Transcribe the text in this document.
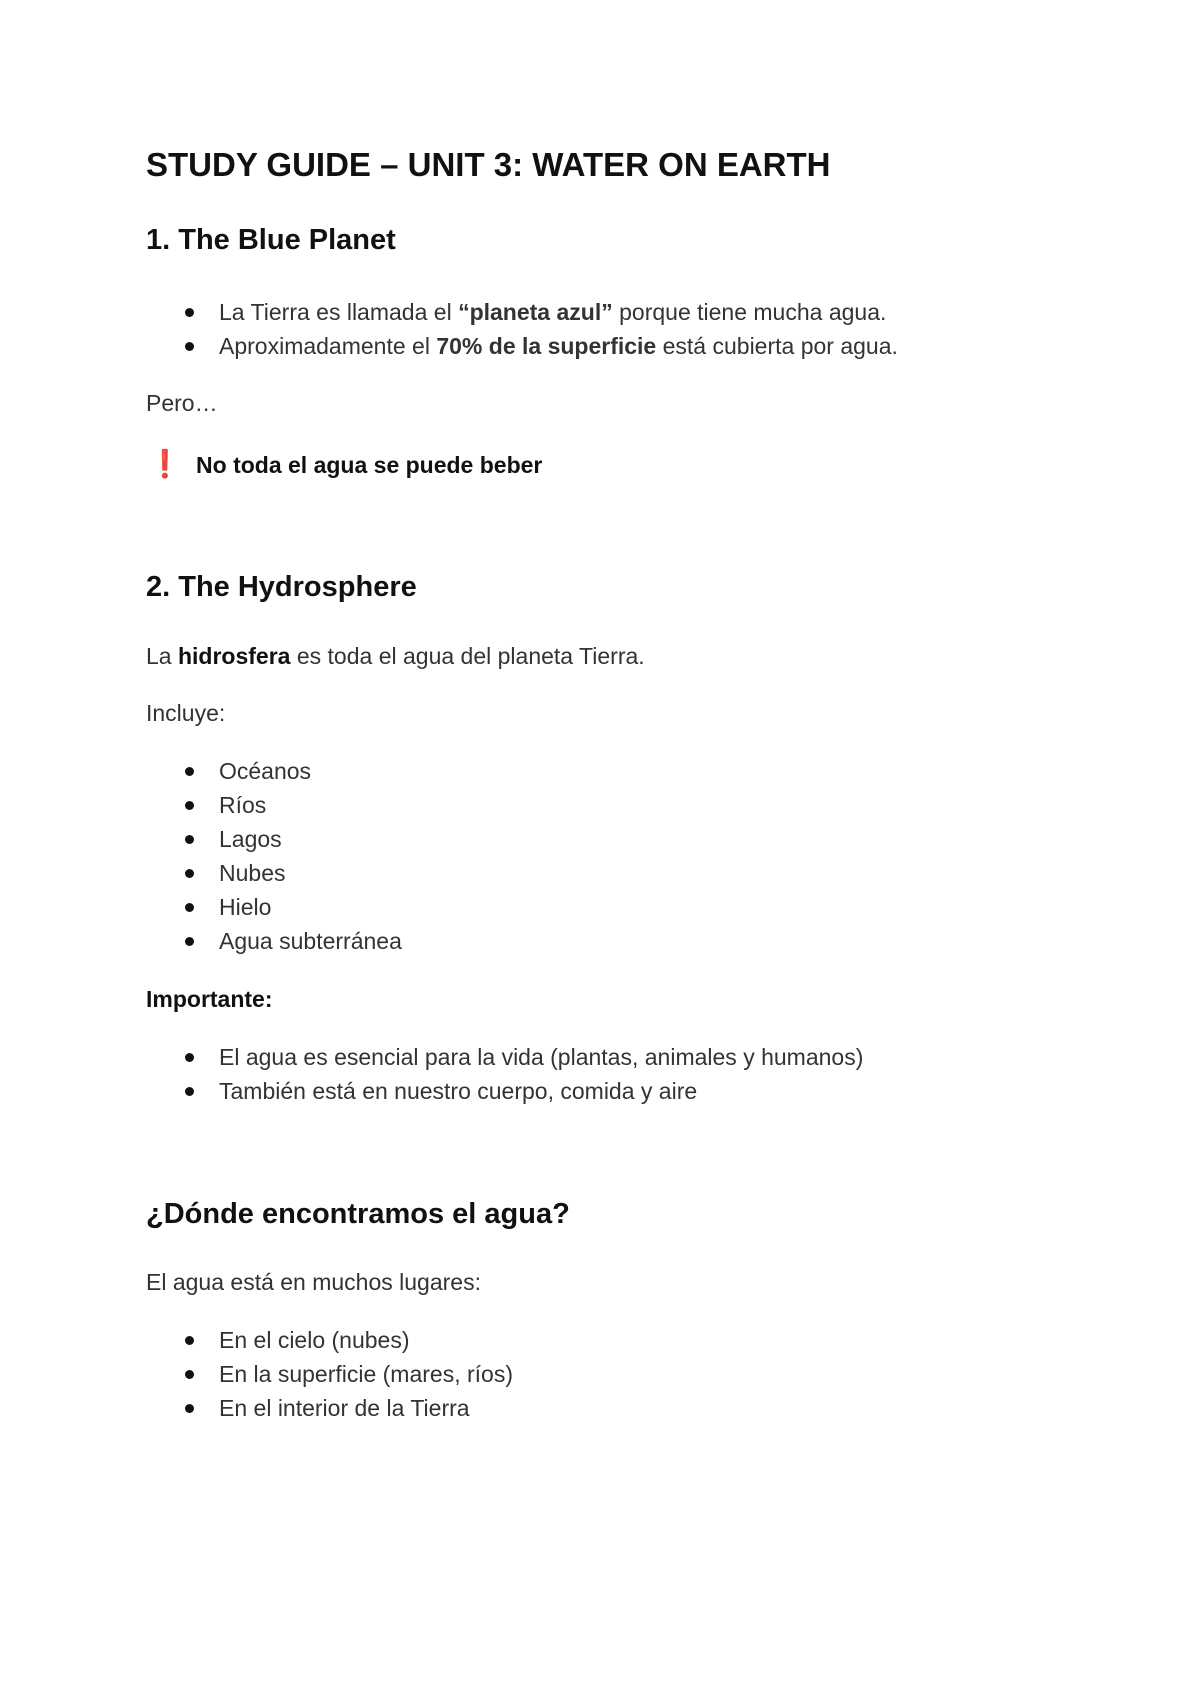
STUDY GUIDE – UNIT 3: WATER ON EARTH
1. The Blue Planet
La Tierra es llamada el “planeta azul” porque tiene mucha agua.
Aproximadamente el 70% de la superficie está cubierta por agua.
Pero…
❗ No toda el agua se puede beber
2. The Hydrosphere
La hidrosfera es toda el agua del planeta Tierra.
Incluye:
Océanos
Ríos
Lagos
Nubes
Hielo
Agua subterránea
Importante:
El agua es esencial para la vida (plantas, animales y humanos)
También está en nuestro cuerpo, comida y aire
¿Dónde encontramos el agua?
El agua está en muchos lugares:
En el cielo (nubes)
En la superficie (mares, ríos)
En el interior de la Tierra
